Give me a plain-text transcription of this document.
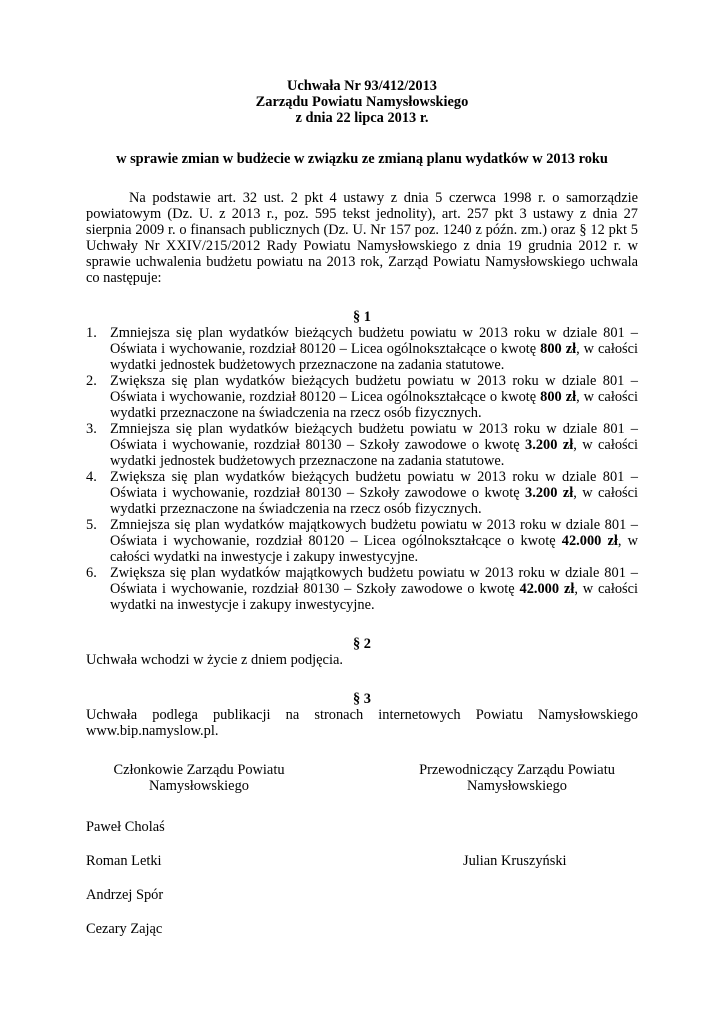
Uchwała Nr 93/412/2013
Zarządu Powiatu Namysłowskiego
z dnia 22 lipca 2013 r.
w sprawie zmian w budżecie w związku ze zmianą planu wydatków w 2013 roku
Na podstawie art. 32 ust. 2 pkt 4 ustawy z dnia 5 czerwca 1998 r. o samorządzie powiatowym (Dz. U. z 2013 r., poz. 595 tekst jednolity), art. 257 pkt 3 ustawy z dnia 27 sierpnia 2009 r. o finansach publicznych (Dz. U. Nr 157 poz. 1240 z późn. zm.) oraz § 12 pkt 5 Uchwały Nr XXIV/215/2012 Rady Powiatu Namysłowskiego z dnia 19 grudnia 2012 r. w sprawie uchwalenia budżetu powiatu na 2013 rok, Zarząd Powiatu Namysłowskiego uchwala co następuje:
§ 1
1. Zmniejsza się plan wydatków bieżących budżetu powiatu w 2013 roku w dziale 801 – Oświata i wychowanie, rozdział 80120 – Licea ogólnokształcące o kwotę 800 zł, w całości wydatki jednostek budżetowych przeznaczone na zadania statutowe.
2. Zwiększa się plan wydatków bieżących budżetu powiatu w 2013 roku w dziale 801 – Oświata i wychowanie, rozdział 80120 – Licea ogólnokształcące o kwotę 800 zł, w całości wydatki przeznaczone na świadczenia na rzecz osób fizycznych.
3. Zmniejsza się plan wydatków bieżących budżetu powiatu w 2013 roku w dziale 801 – Oświata i wychowanie, rozdział 80130 – Szkoły zawodowe o kwotę 3.200 zł, w całości wydatki jednostek budżetowych przeznaczone na zadania statutowe.
4. Zwiększa się plan wydatków bieżących budżetu powiatu w 2013 roku w dziale 801 – Oświata i wychowanie, rozdział 80130 – Szkoły zawodowe o kwotę 3.200 zł, w całości wydatki przeznaczone na świadczenia na rzecz osób fizycznych.
5. Zmniejsza się plan wydatków majątkowych budżetu powiatu w 2013 roku w dziale 801 – Oświata i wychowanie, rozdział 80120 – Licea ogólnokształcące o kwotę 42.000 zł, w całości wydatki na inwestycje i zakupy inwestycyjne.
6. Zwiększa się plan wydatków majątkowych budżetu powiatu w 2013 roku w dziale 801 – Oświata i wychowanie, rozdział 80130 – Szkoły zawodowe o kwotę 42.000 zł, w całości wydatki na inwestycje i zakupy inwestycyjne.
§ 2
Uchwała wchodzi w życie z dniem podjęcia.
§ 3
Uchwała podlega publikacji na stronach internetowych Powiatu Namysłowskiego www.bip.namyslow.pl.
Członkowie Zarządu Powiatu
Namysłowskiego
Przewodniczący Zarządu Powiatu
Namysłowskiego
Paweł Cholaś
Roman Letki	Julian Kruszyński
Andrzej Spór
Cezary Zając
